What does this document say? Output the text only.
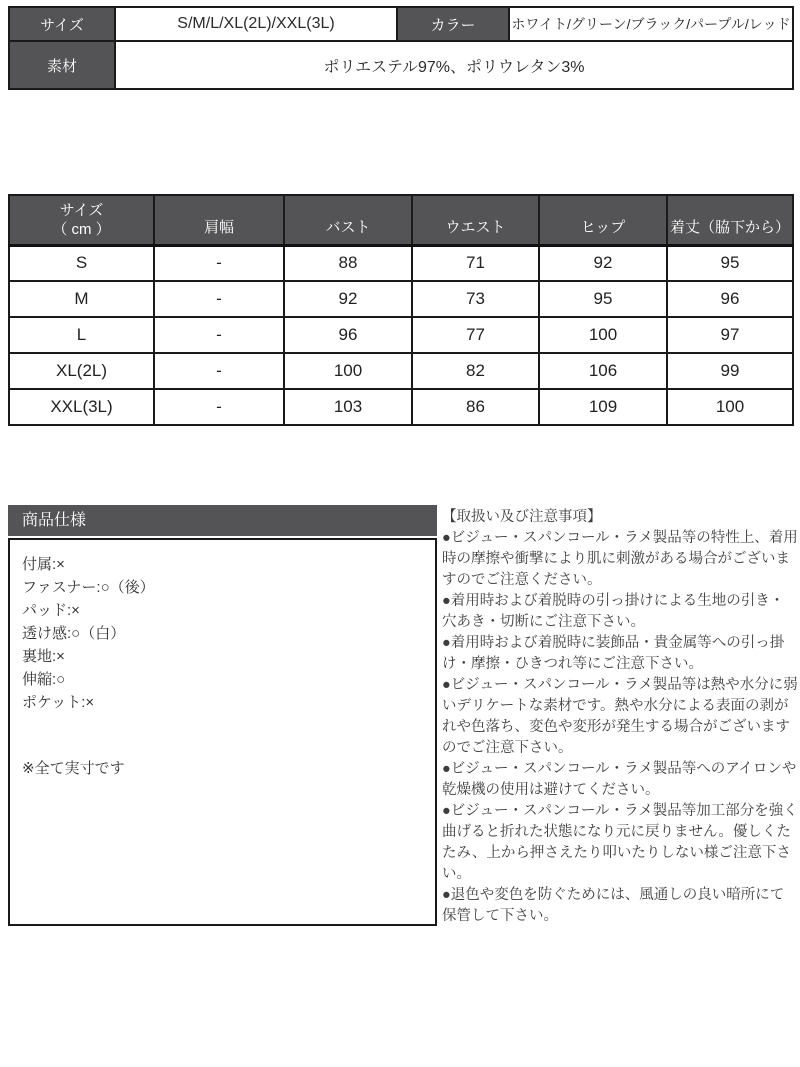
サイズ	S/M/L/XL(2L)/XXL(3L)	カラー	ホワイト/グリーン/ブラック/パープル/レッド
素材	ポリエステル97%、ポリウレタン3%		
サイズ
（ cm ）	肩幅	バスト	ウエスト	ヒップ	着丈（脇下から）

S	-	88	71	92	95
M	-	92	73	95	96
L	-	96	77	100	97
XL(2L)	-	100	82	106	99
XXL(3L)	-	103	86	109	100
商品仕様
付属:×
ファスナー:○（後）
パッド:×
透け感:○（白）
裏地:×
伸縮:○
ポケット:×
※全て実寸です

【取扱い及び注意事項】

●ビジュー・スパンコール・ラメ製品等の特性上、着用時の摩擦や衝撃により肌に刺激がある場合がございますのでご注意ください。

●着用時および着脱時の引っ掛けによる生地の引き・穴あき・切断にご注意下さい。

●着用時および着脱時に装飾品・貴金属等への引っ掛け・摩擦・ひきつれ等にご注意下さい。

●ビジュー・スパンコール・ラメ製品等は熱や水分に弱いデリケートな素材です。熱や水分による表面の剥がれや色落ち、変色や変形が発生する場合がございますのでご注意下さい。

●ビジュー・スパンコール・ラメ製品等へのアイロンや乾燥機の使用は避けてください。

●ビジュー・スパンコール・ラメ製品等加工部分を強く曲げると折れた状態になり元に戻りません。優しくたたみ、上から押さえたり叩いたりしない様ご注意下さい。

●退色や変色を防ぐためには、風通しの良い暗所にて保管して下さい。
